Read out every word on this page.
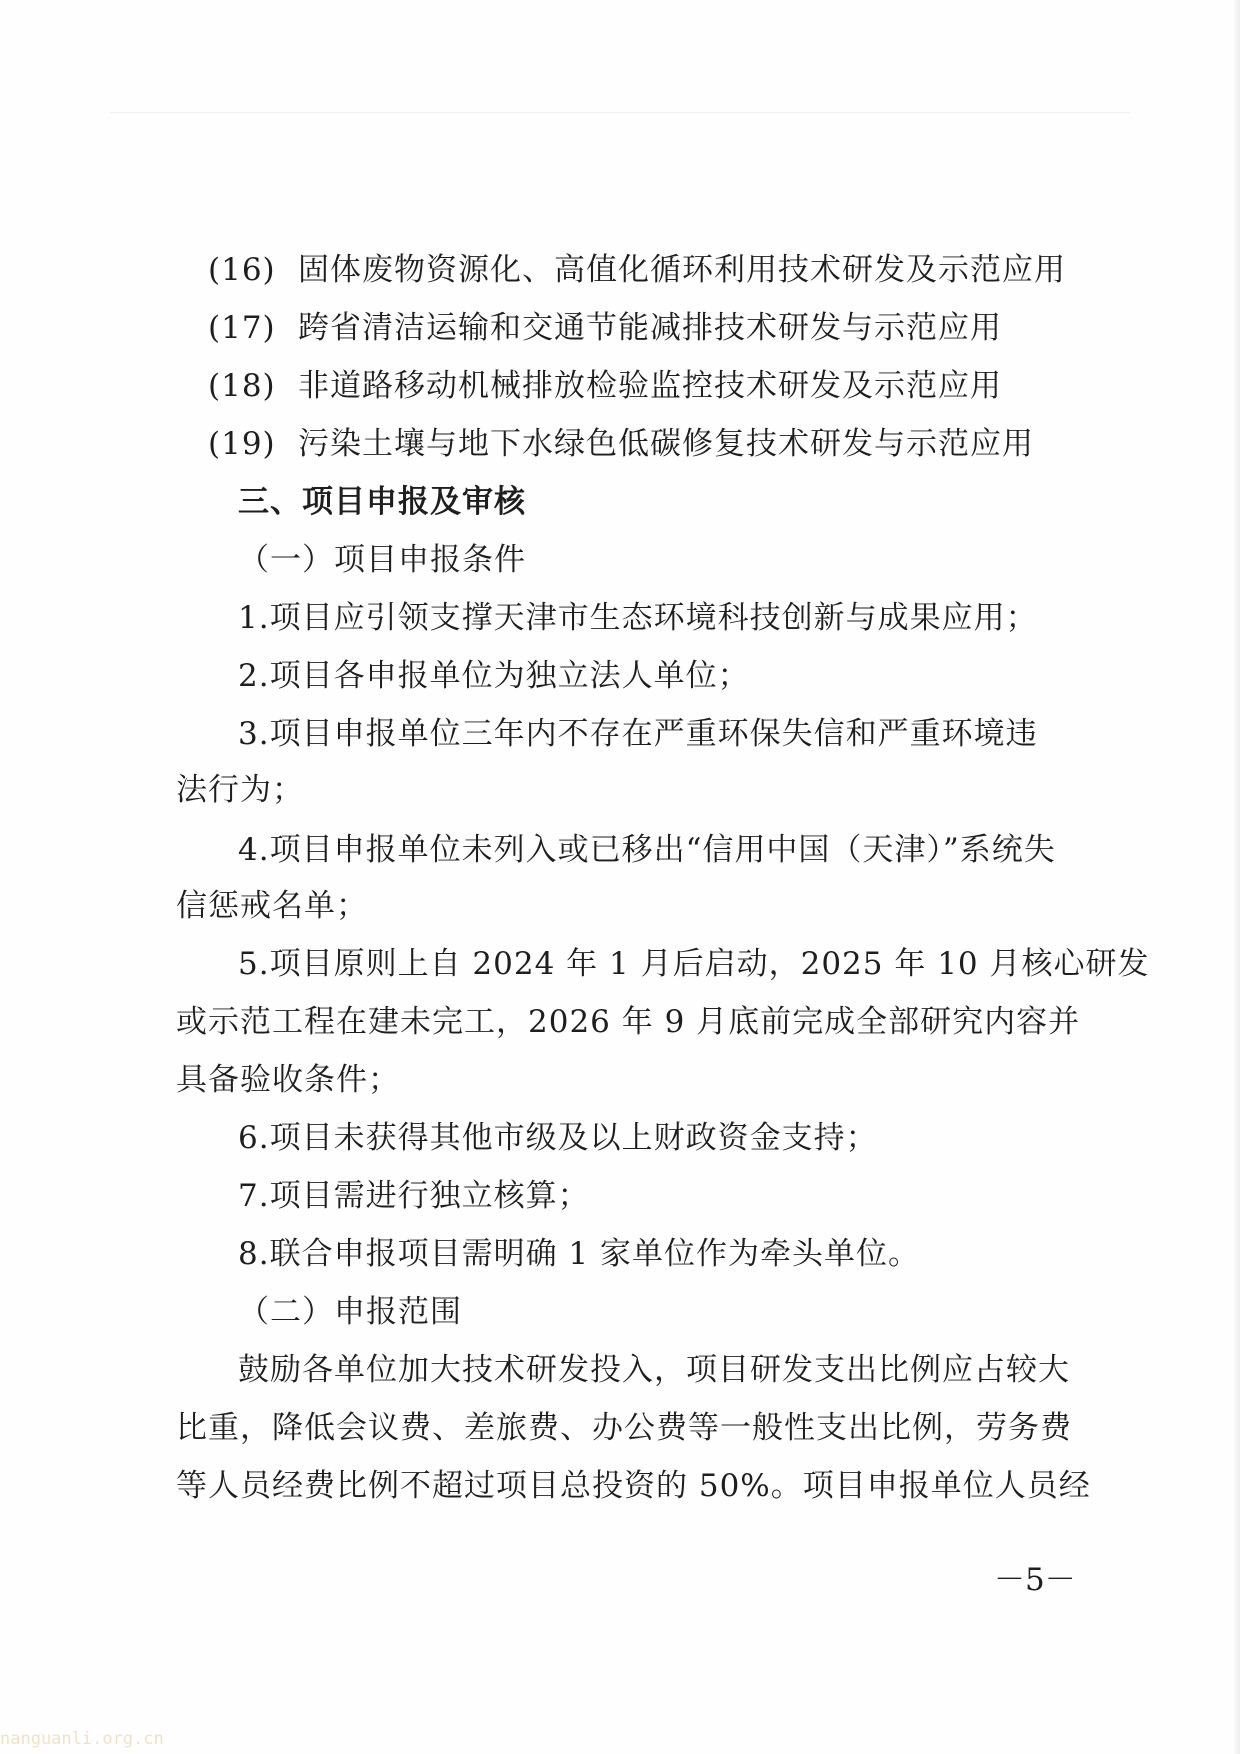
(16) 固体废物资源化、高值化循环利用技术研发及示范应用
(17) 跨省清洁运输和交通节能减排技术研发与示范应用
(18) 非道路移动机械排放检验监控技术研发及示范应用
(19) 污染土壤与地下水绿色低碳修复技术研发与示范应用
三、项目申报及审核
（一）项目申报条件
1.项目应引领支撑天津市生态环境科技创新与成果应用；
2.项目各申报单位为独立法人单位；
3.项目申报单位三年内不存在严重环保失信和严重环境违
法行为；
4.项目申报单位未列入或已移出“信用中国（天津）”系统失
信惩戒名单；
5.项目原则上自 2024 年 1 月后启动，2025 年 10 月核心研发
或示范工程在建未完工，2026 年 9 月底前完成全部研究内容并
具备验收条件；
6.项目未获得其他市级及以上财政资金支持；
7.项目需进行独立核算；
8.联合申报项目需明确 1 家单位作为牵头单位。
（二）申报范围
鼓励各单位加大技术研发投入，项目研发支出比例应占较大
比重，降低会议费、差旅费、办公费等一般性支出比例，劳务费
等人员经费比例不超过项目总投资的 50%。项目申报单位人员经
－5－
nanguanli.org.cn
